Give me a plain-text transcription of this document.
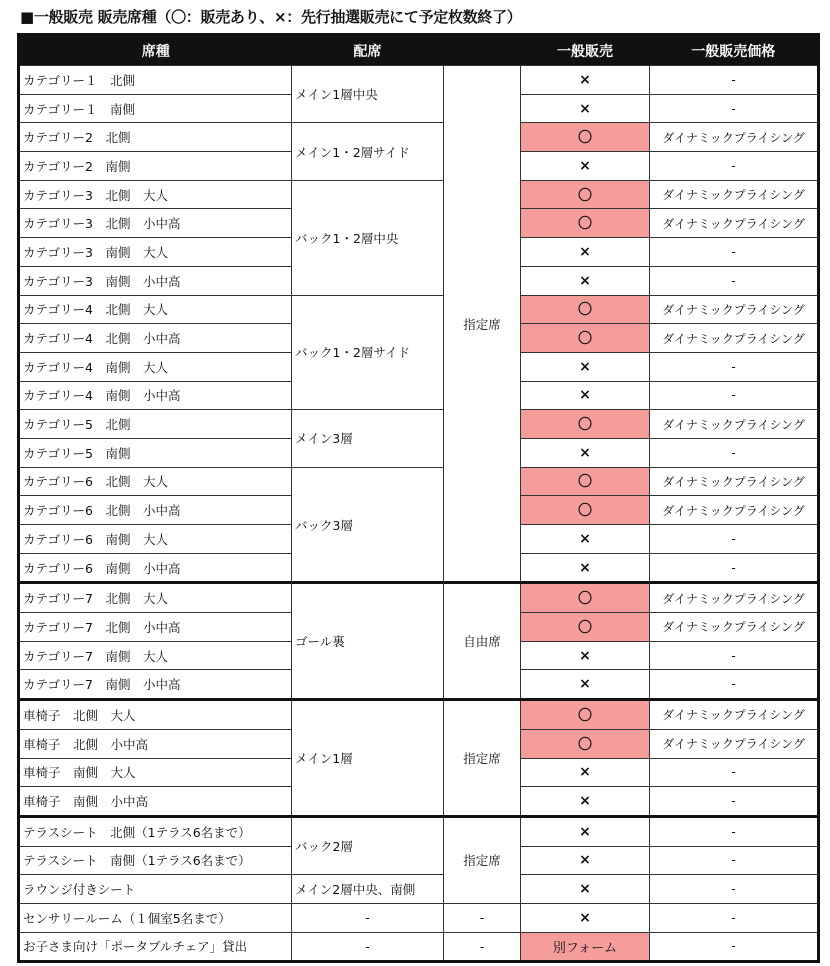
■一般販売 販売席種（〇：販売あり、×：先行抽選販売にて予定枚数終了）
席種	配席		一般販売	一般販売価格
カテゴリー１　北側	メイン1層中央	指定席	×	-
カテゴリー１　南側			×	-
カテゴリー2　北側	メイン1・2層サイド		〇	ダイナミックプライシング
カテゴリー2　南側			×	-
カテゴリー3　北側　大人	バック1・2層中央		〇	ダイナミックプライシング
カテゴリー3　北側　小中高			〇	ダイナミックプライシング
カテゴリー3　南側　大人			×	-
カテゴリー3　南側　小中高			×	-
カテゴリー4　北側　大人	バック1・2層サイド		〇	ダイナミックプライシング
カテゴリー4　北側　小中高			〇	ダイナミックプライシング
カテゴリー4　南側　大人			×	-
カテゴリー4　南側　小中高			×	-
カテゴリー5　北側	メイン3層		〇	ダイナミックプライシング
カテゴリー5　南側			×	-
カテゴリー6　北側　大人	バック3層		〇	ダイナミックプライシング
カテゴリー6　北側　小中高			〇	ダイナミックプライシング
カテゴリー6　南側　大人			×	-
カテゴリー6　南側　小中高			×	-
カテゴリー7　北側　大人	ゴール裏	自由席	〇	ダイナミックプライシング
カテゴリー7　北側　小中高			〇	ダイナミックプライシング
カテゴリー7　南側　大人			×	-
カテゴリー7　南側　小中高			×	-
車椅子　北側　大人	メイン1層	指定席	〇	ダイナミックプライシング
車椅子　北側　小中高			〇	ダイナミックプライシング
車椅子　南側　大人			×	-
車椅子　南側　小中高			×	-
テラスシート　北側（1テラス6名まで）	バック2層	指定席	×	-
テラスシート　南側（1テラス6名まで）			×	-
ラウンジ付きシート	メイン2層中央、南側		×	-
センサリールーム（１個室5名まで）	-	-	×	-
お子さま向け「ポータブルチェア」貸出	-	-	別フォーム	-
